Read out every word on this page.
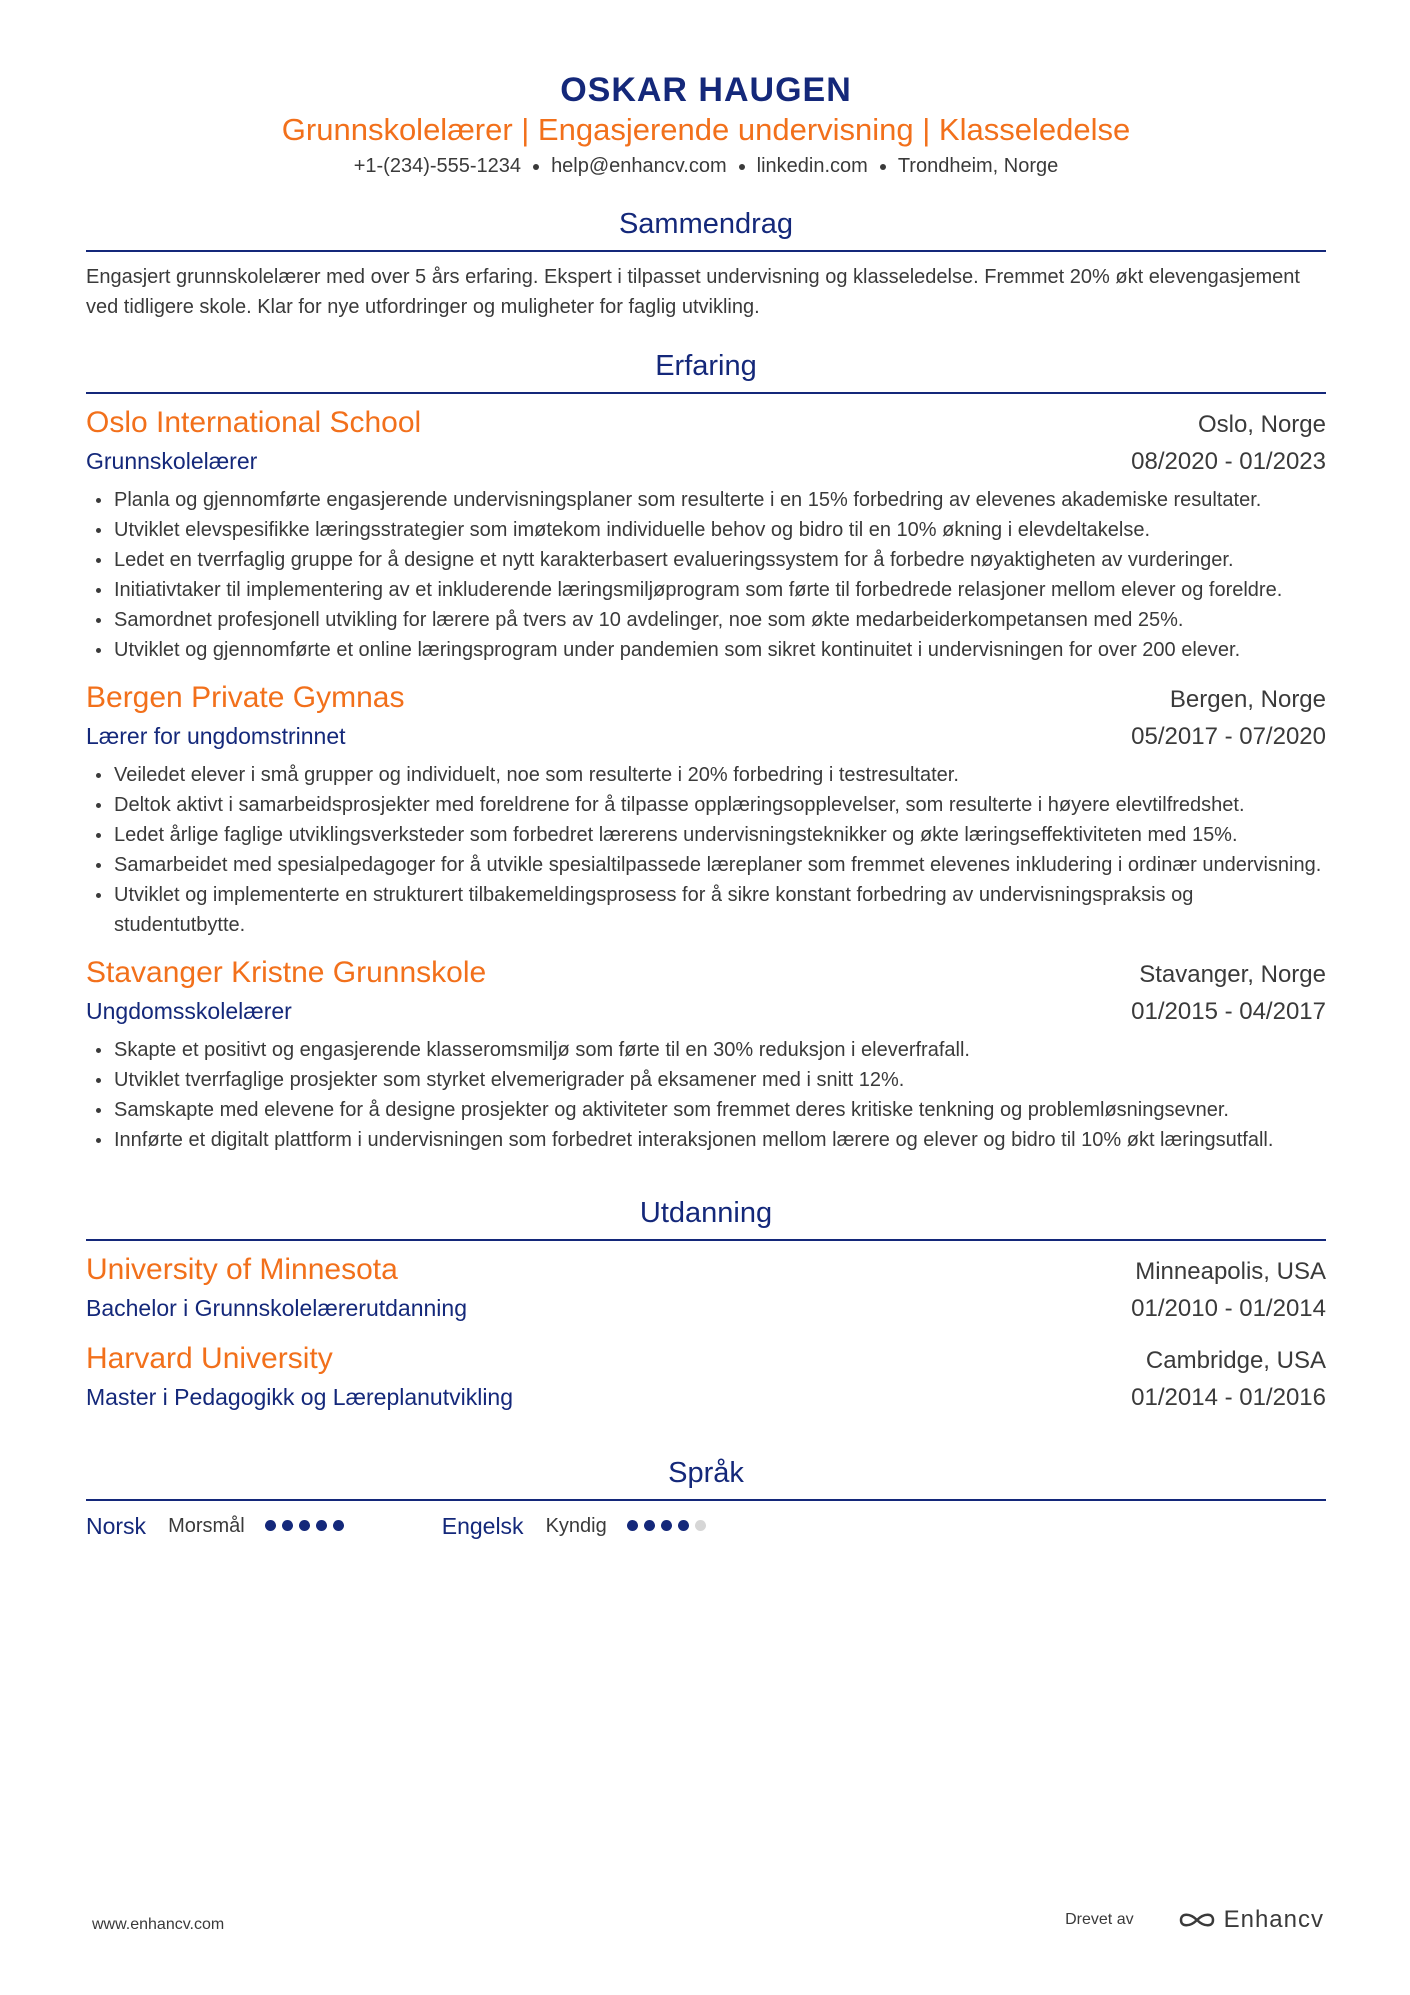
OSKAR HAUGEN
Grunnskolelærer | Engasjerende undervisning | Klasseledelse
+1-(234)-555-1234 help@enhancv.com linkedin.com Trondheim, Norge
Sammendrag
Engasjert grunnskolelærer med over 5 års erfaring. Ekspert i tilpasset undervisning og klasseledelse. Fremmet 20% økt elevengasjement ved tidligere skole. Klar for nye utfordringer og muligheter for faglig utvikling.
Erfaring
Oslo International School	Oslo, Norge
Grunnskolelærer	08/2020 - 01/2023
Planla og gjennomførte engasjerende undervisningsplaner som resulterte i en 15% forbedring av elevenes akademiske resultater.
Utviklet elevspesifikke læringsstrategier som imøtekom individuelle behov og bidro til en 10% økning i elevdeltakelse.
Ledet en tverrfaglig gruppe for å designe et nytt karakterbasert evalueringssystem for å forbedre nøyaktigheten av vurderinger.
Initiativtaker til implementering av et inkluderende læringsmiljøprogram som førte til forbedrede relasjoner mellom elever og foreldre.
Samordnet profesjonell utvikling for lærere på tvers av 10 avdelinger, noe som økte medarbeiderkompetansen med 25%.
Utviklet og gjennomførte et online læringsprogram under pandemien som sikret kontinuitet i undervisningen for over 200 elever.
Bergen Private Gymnas	Bergen, Norge
Lærer for ungdomstrinnet	05/2017 - 07/2020
Veiledet elever i små grupper og individuelt, noe som resulterte i 20% forbedring i testresultater.
Deltok aktivt i samarbeidsprosjekter med foreldrene for å tilpasse opplæringsopplevelser, som resulterte i høyere elevtilfredshet.
Ledet årlige faglige utviklingsverksteder som forbedret lærerens undervisningsteknikker og økte læringseffektiviteten med 15%.
Samarbeidet med spesialpedagoger for å utvikle spesialtilpassede læreplaner som fremmet elevenes inkludering i ordinær undervisning.
Utviklet og implementerte en strukturert tilbakemeldingsprosess for å sikre konstant forbedring av undervisningspraksis og studentutbytte.
Stavanger Kristne Grunnskole	Stavanger, Norge
Ungdomsskolelærer	01/2015 - 04/2017
Skapte et positivt og engasjerende klasseromsmiljø som førte til en 30% reduksjon i eleverfrafall.
Utviklet tverrfaglige prosjekter som styrket elvemerigrader på eksamener med i snitt 12%.
Samskapte med elevene for å designe prosjekter og aktiviteter som fremmet deres kritiske tenkning og problemløsningsevner.
Innførte et digitalt plattform i undervisningen som forbedret interaksjonen mellom lærere og elever og bidro til 10% økt læringsutfall.
Utdanning
University of Minnesota	Minneapolis, USA
Bachelor i Grunnskolelærerutdanning	01/2010 - 01/2014
Harvard University	Cambridge, USA
Master i Pedagogikk og Læreplanutvikling	01/2014 - 01/2016
Språk
Norsk Morsmål	Engelsk Kyndig
www.enhancv.com	Drevet av	Enhancv
